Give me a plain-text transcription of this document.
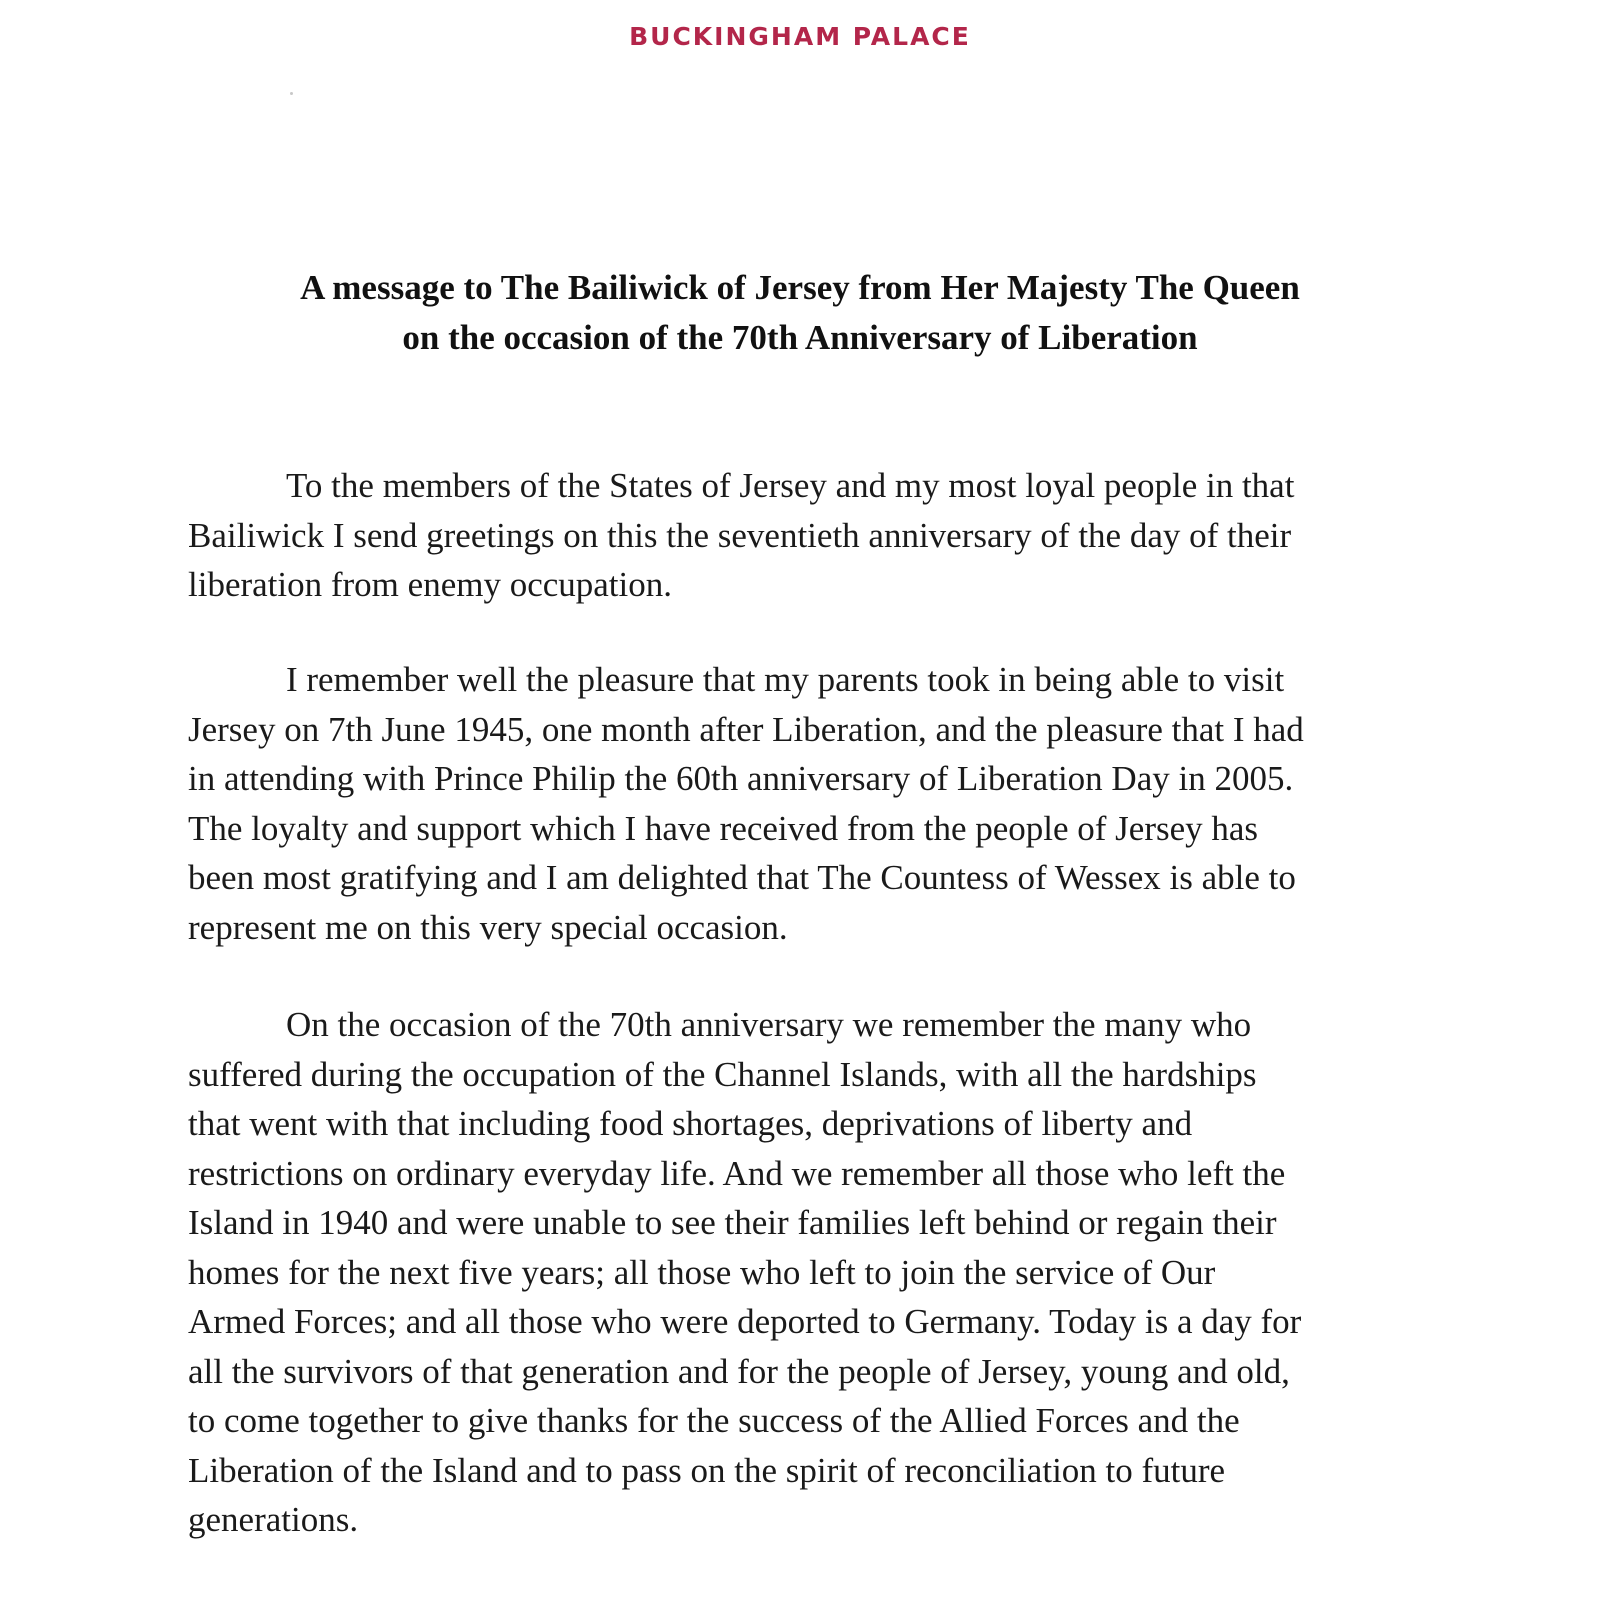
BUCKINGHAM PALACE
A message to The Bailiwick of Jersey from Her Majesty The Queen
on the occasion of the 70th Anniversary of Liberation
To the members of the States of Jersey and my most loyal people in that
Bailiwick I send greetings on this the seventieth anniversary of the day of their
liberation from enemy occupation.
I remember well the pleasure that my parents took in being able to visit
Jersey on 7th June 1945, one month after Liberation, and the pleasure that I had
in attending with Prince Philip the 60th anniversary of Liberation Day in 2005.
The loyalty and support which I have received from the people of Jersey has
been most gratifying and I am delighted that The Countess of Wessex is able to
represent me on this very special occasion.
On the occasion of the 70th anniversary we remember the many who
suffered during the occupation of the Channel Islands, with all the hardships
that went with that including food shortages, deprivations of liberty and
restrictions on ordinary everyday life. And we remember all those who left the
Island in 1940 and were unable to see their families left behind or regain their
homes for the next five years; all those who left to join the service of Our
Armed Forces; and all those who were deported to Germany. Today is a day for
all the survivors of that generation and for the people of Jersey, young and old,
to come together to give thanks for the success of the Allied Forces and the
Liberation of the Island and to pass on the spirit of reconciliation to future
generations.
